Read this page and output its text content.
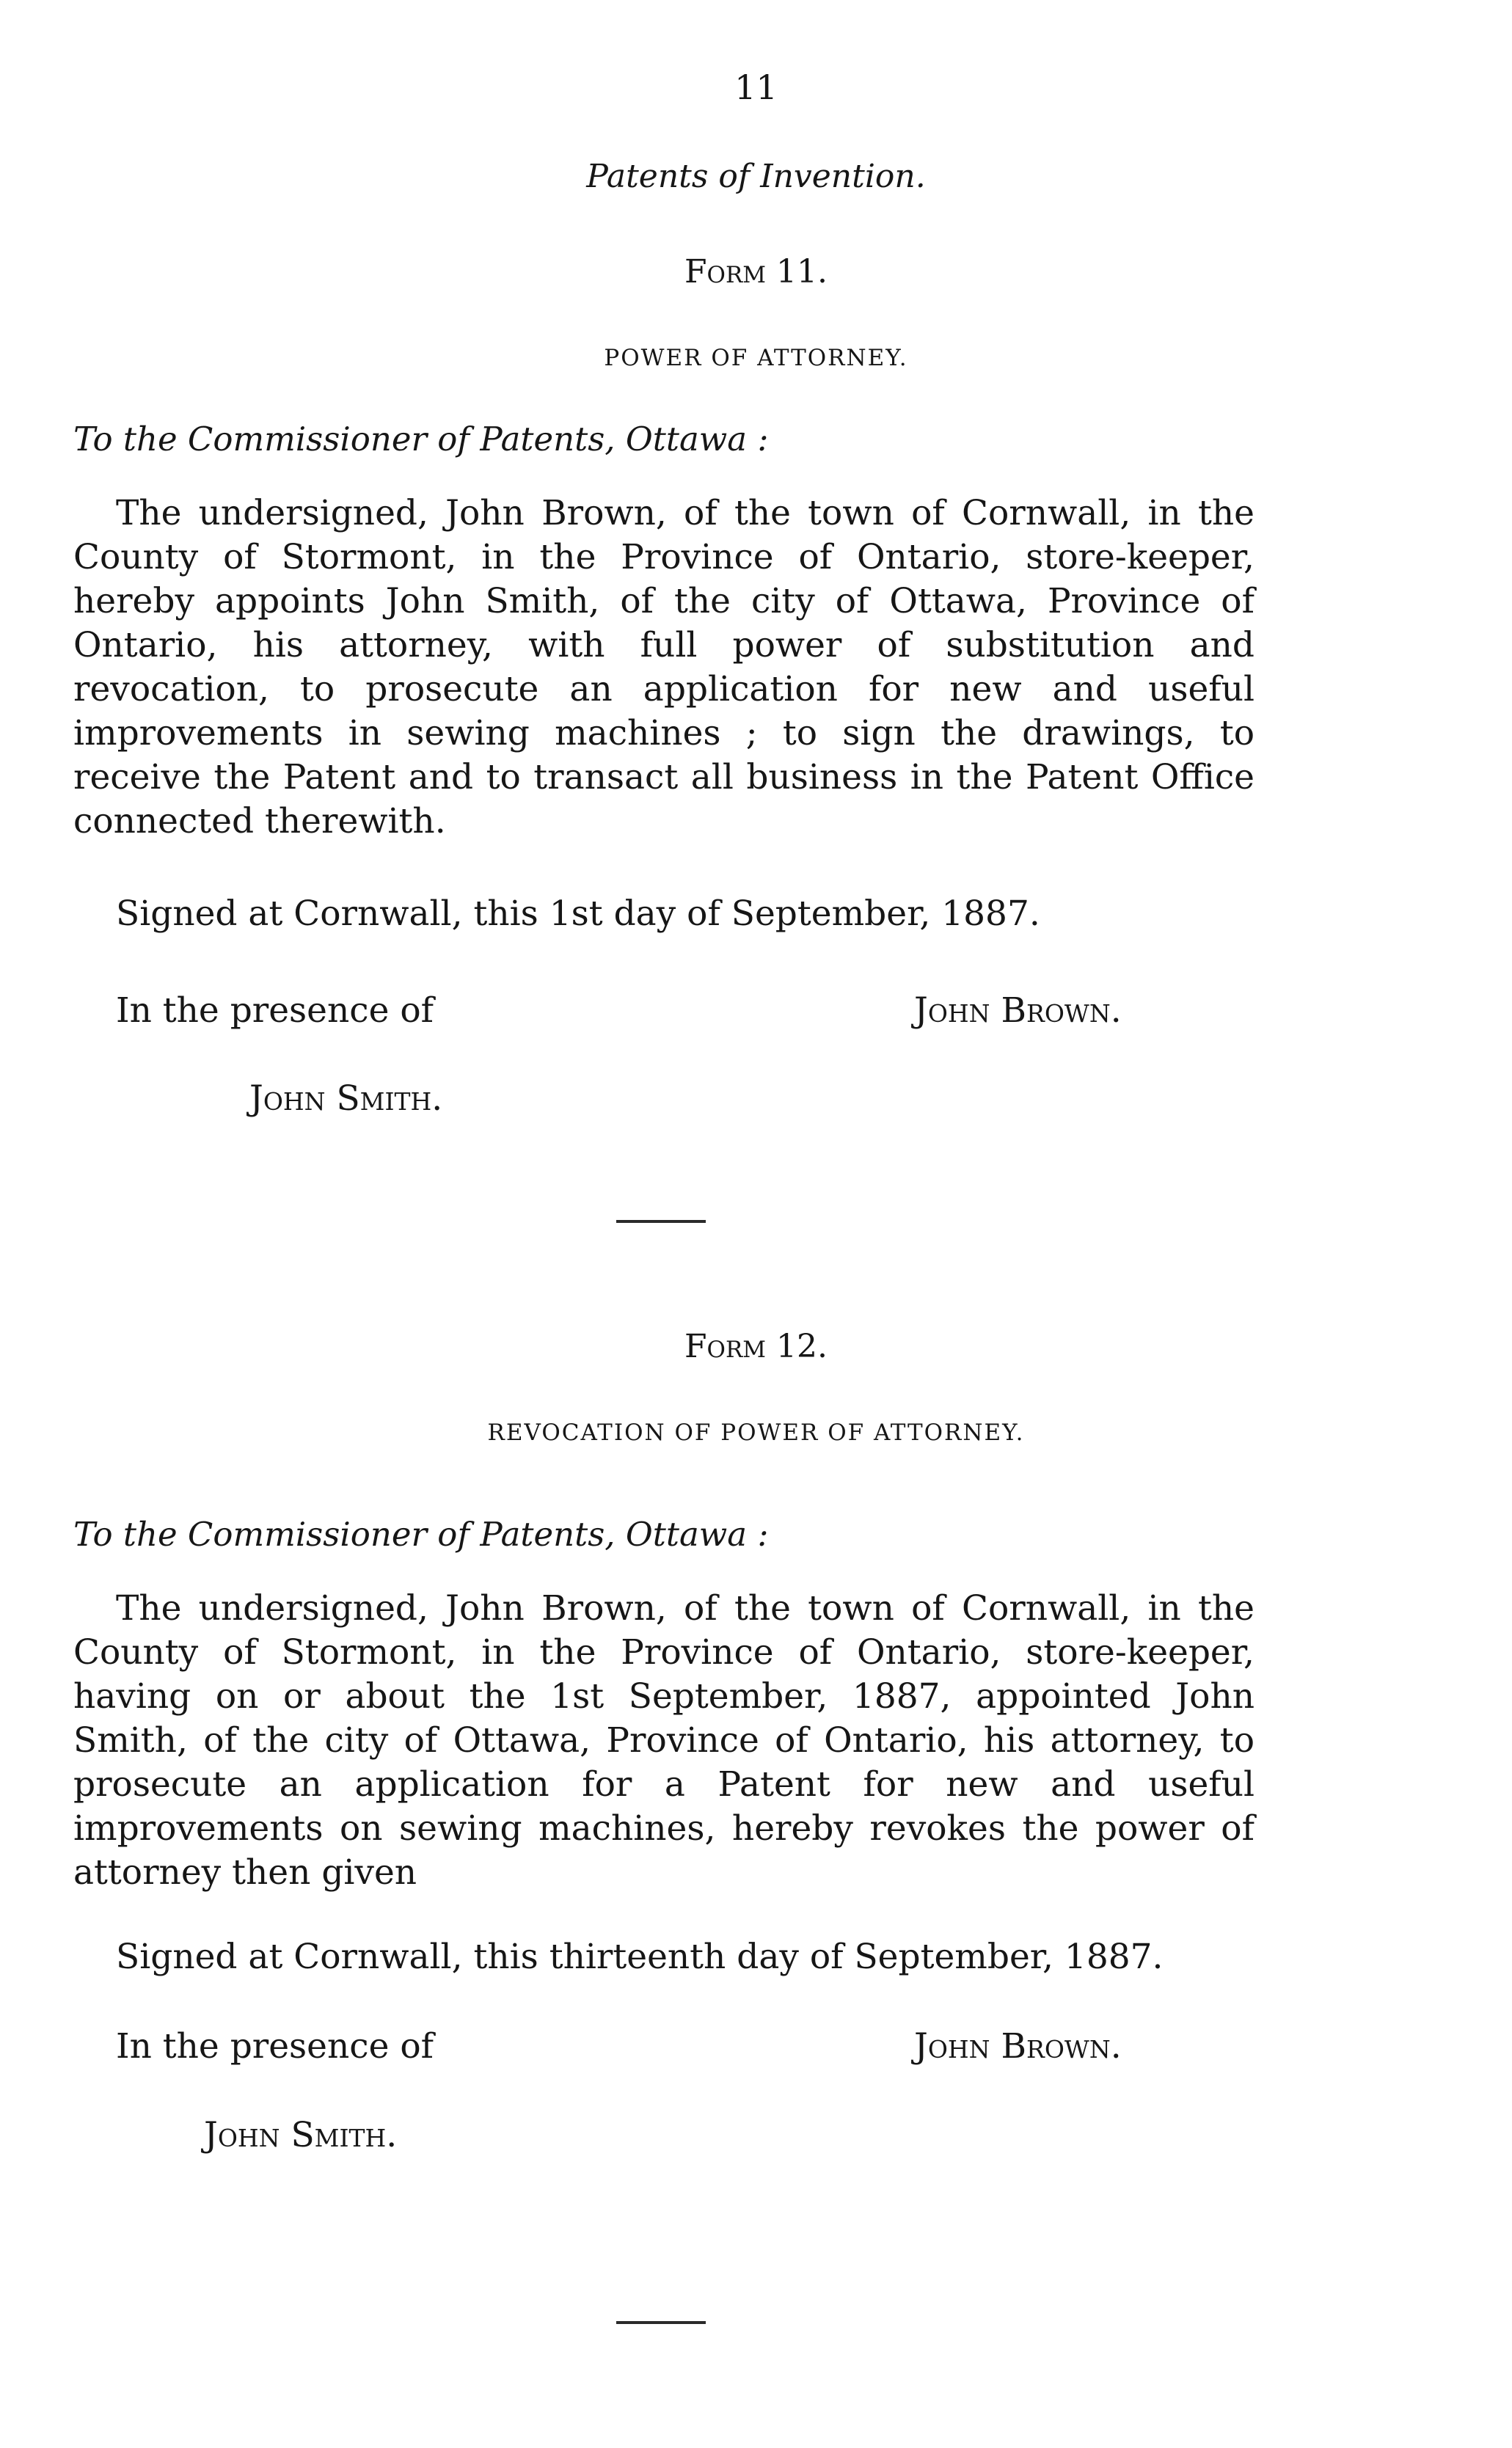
11
Patents of Invention.
Form 11.
POWER OF ATTORNEY.
To the Commissioner of Patents, Ottawa :

The undersigned, John Brown, of the town of Cornwall, in the County of Stormont, in the Province of Ontario, store-keeper, hereby appoints John Smith, of the city of Ottawa, Province of Ontario, his attorney, with full power of substitution and revocation, to prosecute an application for new and useful improvements in sewing machines ; to sign the drawings, to receive the Patent and to transact all business in the Patent Office connected therewith.

Signed at Cornwall, this 1st day of September, 1887.
In the presence of	John Brown.
John Smith.
Form 12.
REVOCATION OF POWER OF ATTORNEY.
To the Commissioner of Patents, Ottawa :

The undersigned, John Brown, of the town of Cornwall, in the County of Stormont, in the Province of Ontario, store-keeper, having on or about the 1st September, 1887, appointed John Smith, of the city of Ottawa, Province of Ontario, his attorney, to prosecute an application for a Patent for new and useful improvements on sewing machines, hereby revokes the power of attorney then given

Signed at Cornwall, this thirteenth day of September, 1887.
In the presence of	John Brown.
John Smith.
